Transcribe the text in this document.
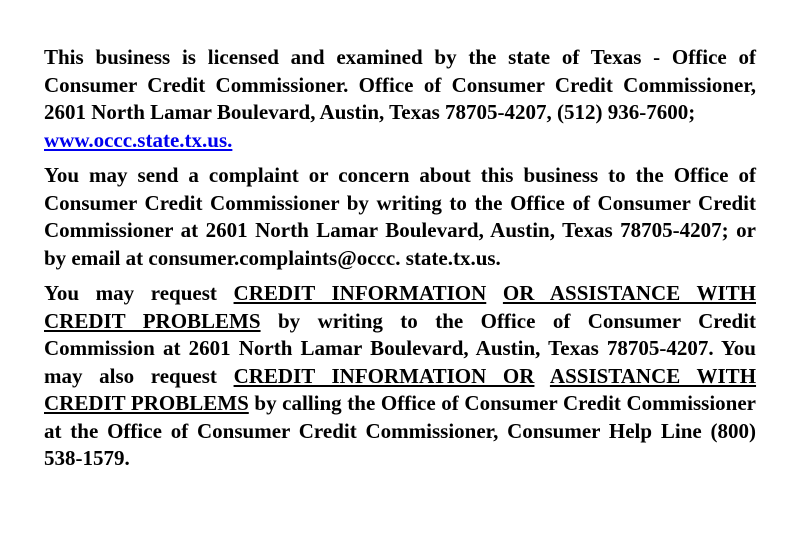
This business is licensed and examined by the state of Texas - Office of Consumer Credit Commissioner. Office of Consumer Credit Commissioner, 2601 North Lamar Boulevard, Austin, Texas 78705-4207, (512) 936-7600;
www.occc.state.tx.us.

You may send a complaint or concern about this business to the Office of Consumer Credit Commissioner by writing to the Office of Consumer Credit Commissioner at 2601 North Lamar Boulevard, Austin, Texas 78705-4207; or by email at consumer.complaints@occc. state.tx.us.

You may request CREDIT INFORMATION OR ASSISTANCE WITH CREDIT PROBLEMS by writing to the Office of Consumer Credit Commission at 2601 North Lamar Boulevard, Austin, Texas 78705-4207. You may also request CREDIT INFORMATION OR ASSISTANCE WITH CREDIT PROBLEMS by calling the Office of Consumer Credit Commissioner at the Office of Consumer Credit Commissioner, Consumer Help Line (800) 538-1579.
